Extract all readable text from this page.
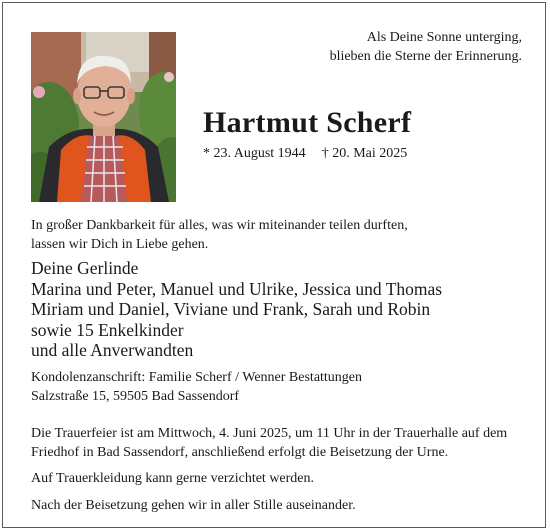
Als Deine Sonne unterging,
blieben die Sterne der Erinnerung.
Hartmut Scherf
* 23. August 1944 † 20. Mai 2025
In großer Dankbarkeit für alles, was wir miteinander teilen durften,
lassen wir Dich in Liebe gehen.
Deine Gerlinde
Marina und Peter, Manuel und Ulrike, Jessica und Thomas
Miriam und Daniel, Viviane und Frank, Sarah und Robin
sowie 15 Enkelkinder
und alle Anverwandten
Kondolenzanschrift: Familie Scherf / Wenner Bestattungen
Salzstraße 15, 59505 Bad Sassendorf

Die Trauerfeier ist am Mittwoch, 4. Juni 2025, um 11 Uhr in der Trauerhalle auf dem
Friedhof in Bad Sassendorf, anschließend erfolgt die Beisetzung der Urne.

Auf Trauerkleidung kann gerne verzichtet werden.

Nach der Beisetzung gehen wir in aller Stille auseinander.
